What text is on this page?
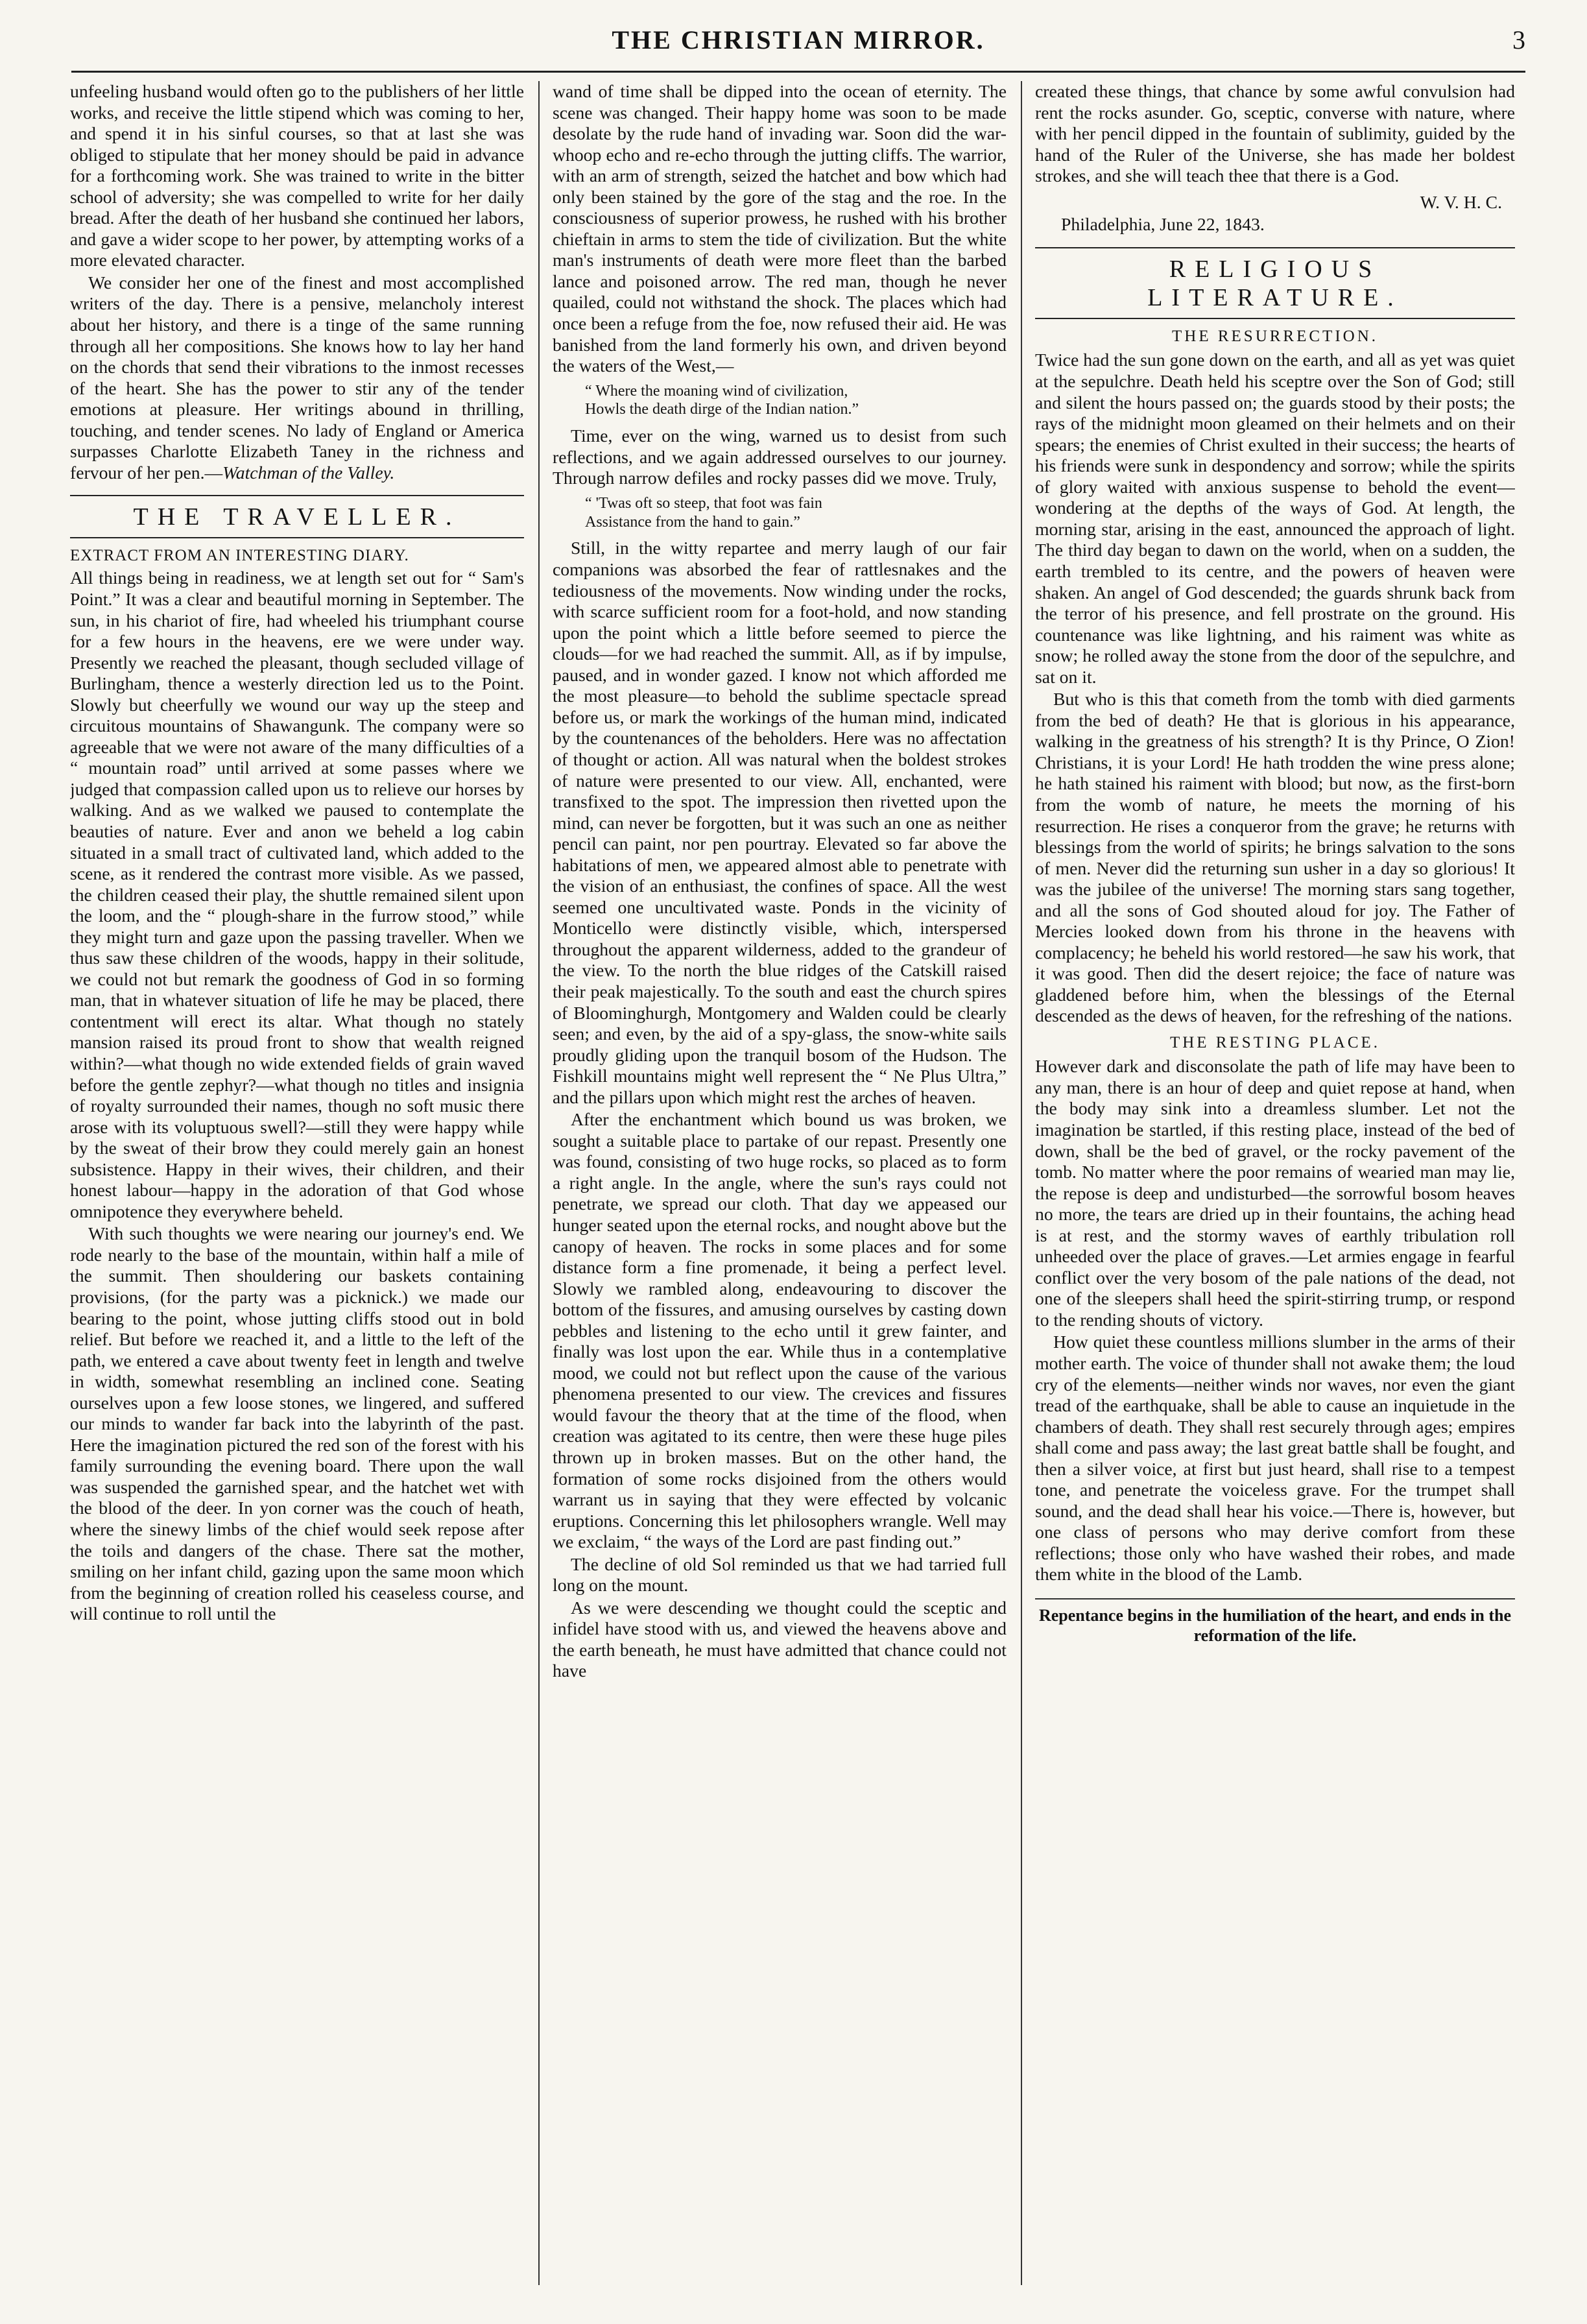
THE CHRISTIAN MIRROR.	3

unfeeling husband would often go to the publishers of her little works, and receive the little stipend which was coming to her, and spend it in his sinful courses, so that at last she was obliged to stipulate that her money should be paid in advance for a forthcoming work. She was trained to write in the bitter school of adversity; she was compelled to write for her daily bread. After the death of her husband she continued her labors, and gave a wider scope to her power, by attempting works of a more elevated character.

We consider her one of the finest and most accomplished writers of the day. There is a pensive, melancholy interest about her history, and there is a tinge of the same running through all her compositions. She knows how to lay her hand on the chords that send their vibrations to the inmost recesses of the heart. She has the power to stir any of the tender emotions at pleasure. Her writings abound in thrilling, touching, and tender scenes. No lady of England or America surpasses Charlotte Elizabeth Taney in the richness and fervour of her pen.—Watchman of the Valley.

THE TRAVELLER.
EXTRACT FROM AN INTERESTING DIARY.

All things being in readiness, we at length set out for “ Sam's Point.” It was a clear and beautiful morning in September. The sun, in his chariot of fire, had wheeled his triumphant course for a few hours in the heavens, ere we were under way. Presently we reached the pleasant, though secluded village of Burlingham, thence a westerly direction led us to the Point. Slowly but cheerfully we wound our way up the steep and circuitous mountains of Shawangunk. The company were so agreeable that we were not aware of the many difficulties of a “ mountain road” until arrived at some passes where we judged that compassion called upon us to relieve our horses by walking. And as we walked we paused to contemplate the beauties of nature. Ever and anon we beheld a log cabin situated in a small tract of cultivated land, which added to the scene, as it rendered the contrast more visible. As we passed, the children ceased their play, the shuttle remained silent upon the loom, and the “ plough-share in the furrow stood,” while they might turn and gaze upon the passing traveller. When we thus saw these children of the woods, happy in their solitude, we could not but remark the goodness of God in so forming man, that in whatever situation of life he may be placed, there contentment will erect its altar. What though no stately mansion raised its proud front to show that wealth reigned within?—what though no wide extended fields of grain waved before the gentle zephyr?—what though no titles and insignia of royalty surrounded their names, though no soft music there arose with its voluptuous swell?—still they were happy while by the sweat of their brow they could merely gain an honest subsistence. Happy in their wives, their children, and their honest labour—happy in the adoration of that God whose omnipotence they everywhere beheld.

With such thoughts we were nearing our journey's end. We rode nearly to the base of the mountain, within half a mile of the summit. Then shouldering our baskets containing provisions, (for the party was a picknick.) we made our bearing to the point, whose jutting cliffs stood out in bold relief. But before we reached it, and a little to the left of the path, we entered a cave about twenty feet in length and twelve in width, somewhat resembling an inclined cone. Seating ourselves upon a few loose stones, we lingered, and suffered our minds to wander far back into the labyrinth of the past. Here the imagination pictured the red son of the forest with his family surrounding the evening board. There upon the wall was suspended the garnished spear, and the hatchet wet with the blood of the deer. In yon corner was the couch of heath, where the sinewy limbs of the chief would seek repose after the toils and dangers of the chase. There sat the mother, smiling on her infant child, gazing upon the same moon which from the beginning of creation rolled his ceaseless course, and will continue to roll until the

wand of time shall be dipped into the ocean of eternity. The scene was changed. Their happy home was soon to be made desolate by the rude hand of invading war. Soon did the war-whoop echo and re-echo through the jutting cliffs. The warrior, with an arm of strength, seized the hatchet and bow which had only been stained by the gore of the stag and the roe. In the consciousness of superior prowess, he rushed with his brother chieftain in arms to stem the tide of civilization. But the white man's instruments of death were more fleet than the barbed lance and poisoned arrow. The red man, though he never quailed, could not withstand the shock. The places which had once been a refuge from the foe, now refused their aid. He was banished from the land formerly his own, and driven beyond the waters of the West,—

“ Where the moaning wind of civilization,
Howls the death dirge of the Indian nation.”

Time, ever on the wing, warned us to desist from such reflections, and we again addressed ourselves to our journey. Through narrow defiles and rocky passes did we move. Truly,

“ 'Twas oft so steep, that foot was fain
Assistance from the hand to gain.”

Still, in the witty repartee and merry laugh of our fair companions was absorbed the fear of rattlesnakes and the tediousness of the movements. Now winding under the rocks, with scarce sufficient room for a foot-hold, and now standing upon the point which a little before seemed to pierce the clouds—for we had reached the summit. All, as if by impulse, paused, and in wonder gazed. I know not which afforded me the most pleasure—to behold the sublime spectacle spread before us, or mark the workings of the human mind, indicated by the countenances of the beholders. Here was no affectation of thought or action. All was natural when the boldest strokes of nature were presented to our view. All, enchanted, were transfixed to the spot. The impression then rivetted upon the mind, can never be forgotten, but it was such an one as neither pencil can paint, nor pen pourtray. Elevated so far above the habitations of men, we appeared almost able to penetrate with the vision of an enthusiast, the confines of space. All the west seemed one uncultivated waste. Ponds in the vicinity of Monticello were distinctly visible, which, interspersed throughout the apparent wilderness, added to the grandeur of the view. To the north the blue ridges of the Catskill raised their peak majestically. To the south and east the church spires of Bloominghurgh, Montgomery and Walden could be clearly seen; and even, by the aid of a spy-glass, the snow-white sails proudly gliding upon the tranquil bosom of the Hudson. The Fishkill mountains might well represent the “ Ne Plus Ultra,” and the pillars upon which might rest the arches of heaven.

After the enchantment which bound us was broken, we sought a suitable place to partake of our repast. Presently one was found, consisting of two huge rocks, so placed as to form a right angle. In the angle, where the sun's rays could not penetrate, we spread our cloth. That day we appeased our hunger seated upon the eternal rocks, and nought above but the canopy of heaven. The rocks in some places and for some distance form a fine promenade, it being a perfect level. Slowly we rambled along, endeavouring to discover the bottom of the fissures, and amusing ourselves by casting down pebbles and listening to the echo until it grew fainter, and finally was lost upon the ear. While thus in a contemplative mood, we could not but reflect upon the cause of the various phenomena presented to our view. The crevices and fissures would favour the theory that at the time of the flood, when creation was agitated to its centre, then were these huge piles thrown up in broken masses. But on the other hand, the formation of some rocks disjoined from the others would warrant us in saying that they were effected by volcanic eruptions. Concerning this let philosophers wrangle. Well may we exclaim, “ the ways of the Lord are past finding out.”

The decline of old Sol reminded us that we had tarried full long on the mount.

As we were descending we thought could the sceptic and infidel have stood with us, and viewed the heavens above and the earth beneath, he must have admitted that chance could not have

created these things, that chance by some awful convulsion had rent the rocks asunder. Go, sceptic, converse with nature, where with her pencil dipped in the fountain of sublimity, guided by the hand of the Ruler of the Universe, she has made her boldest strokes, and she will teach thee that there is a God.

W. V. H. C.
Philadelphia, June 22, 1843.
RELIGIOUS LITERATURE.
THE RESURRECTION.

Twice had the sun gone down on the earth, and all as yet was quiet at the sepulchre. Death held his sceptre over the Son of God; still and silent the hours passed on; the guards stood by their posts; the rays of the midnight moon gleamed on their helmets and on their spears; the enemies of Christ exulted in their success; the hearts of his friends were sunk in despondency and sorrow; while the spirits of glory waited with anxious suspense to behold the event—wondering at the depths of the ways of God. At length, the morning star, arising in the east, announced the approach of light. The third day began to dawn on the world, when on a sudden, the earth trembled to its centre, and the powers of heaven were shaken. An angel of God descended; the guards shrunk back from the terror of his presence, and fell prostrate on the ground. His countenance was like lightning, and his raiment was white as snow; he rolled away the stone from the door of the sepulchre, and sat on it.

But who is this that cometh from the tomb with died garments from the bed of death? He that is glorious in his appearance, walking in the greatness of his strength? It is thy Prince, O Zion! Christians, it is your Lord! He hath trodden the wine press alone; he hath stained his raiment with blood; but now, as the first-born from the womb of nature, he meets the morning of his resurrection. He rises a conqueror from the grave; he returns with blessings from the world of spirits; he brings salvation to the sons of men. Never did the returning sun usher in a day so glorious! It was the jubilee of the universe! The morning stars sang together, and all the sons of God shouted aloud for joy. The Father of Mercies looked down from his throne in the heavens with complacency; he beheld his world restored—he saw his work, that it was good. Then did the desert rejoice; the face of nature was gladdened before him, when the blessings of the Eternal descended as the dews of heaven, for the refreshing of the nations.

THE RESTING PLACE.

However dark and disconsolate the path of life may have been to any man, there is an hour of deep and quiet repose at hand, when the body may sink into a dreamless slumber. Let not the imagination be startled, if this resting place, instead of the bed of down, shall be the bed of gravel, or the rocky pavement of the tomb. No matter where the poor remains of wearied man may lie, the repose is deep and undisturbed—the sorrowful bosom heaves no more, the tears are dried up in their fountains, the aching head is at rest, and the stormy waves of earthly tribulation roll unheeded over the place of graves.—Let armies engage in fearful conflict over the very bosom of the pale nations of the dead, not one of the sleepers shall heed the spirit-stirring trump, or respond to the rending shouts of victory.

How quiet these countless millions slumber in the arms of their mother earth. The voice of thunder shall not awake them; the loud cry of the elements—neither winds nor waves, nor even the giant tread of the earthquake, shall be able to cause an inquietude in the chambers of death. They shall rest securely through ages; empires shall come and pass away; the last great battle shall be fought, and then a silver voice, at first but just heard, shall rise to a tempest tone, and penetrate the voiceless grave. For the trumpet shall sound, and the dead shall hear his voice.—There is, however, but one class of persons who may derive comfort from these reflections; those only who have washed their robes, and made them white in the blood of the Lamb.

Repentance begins in the humiliation of the heart, and ends in the reformation of the life.
